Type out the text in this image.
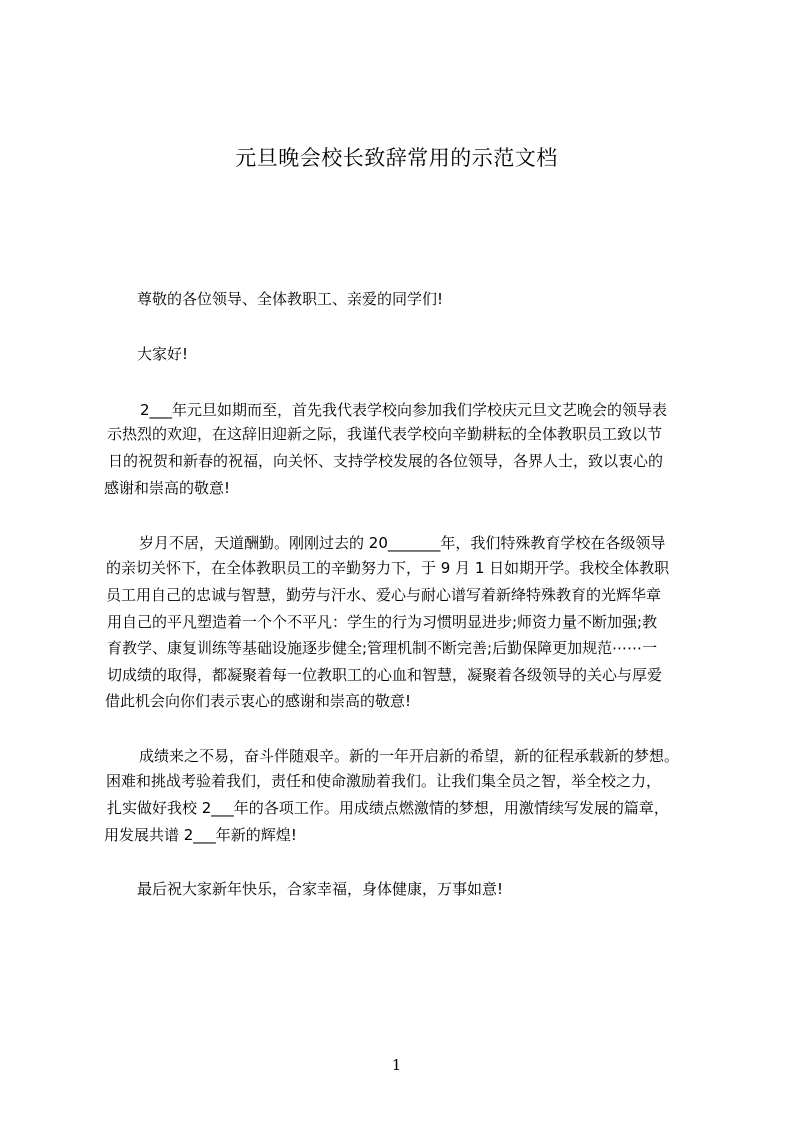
元旦晚会校长致辞常用的示范文档
尊敬的各位领导、全体教职工、亲爱的同学们!
大家好!
2___年元旦如期而至，首先我代表学校向参加我们学校庆元旦文艺晚会的领导表
示热烈的欢迎，在这辞旧迎新之际，我谨代表学校向辛勤耕耘的全体教职员工致以节
日的祝贺和新春的祝福，向关怀、支持学校发展的各位领导，各界人士，致以衷心的
感谢和崇高的敬意!
岁月不居，天道酬勤。刚刚过去的 20_______年，我们特殊教育学校在各级领导
的亲切关怀下，在全体教职员工的辛勤努力下，于 9 月 1 日如期开学。我校全体教职
员工用自己的忠诚与智慧，勤劳与汗水、爱心与耐心谱写着新绛特殊教育的光辉华章
用自己的平凡塑造着一个个不平凡：学生的行为习惯明显进步;师资力量不断加强;教
育教学、康复训练等基础设施逐步健全;管理机制不断完善;后勤保障更加规范⋯⋯一
切成绩的取得，都凝聚着每一位教职工的心血和智慧，凝聚着各级领导的关心与厚爱
借此机会向你们表示衷心的感谢和崇高的敬意!
成绩来之不易，奋斗伴随艰辛。新的一年开启新的希望，新的征程承载新的梦想。
困难和挑战考验着我们，责任和使命激励着我们。让我们集全员之智，举全校之力，
扎实做好我校 2___年的各项工作。用成绩点燃激情的梦想，用激情续写发展的篇章，
用发展共谱 2___年新的辉煌!
最后祝大家新年快乐，合家幸福，身体健康，万事如意!
1
